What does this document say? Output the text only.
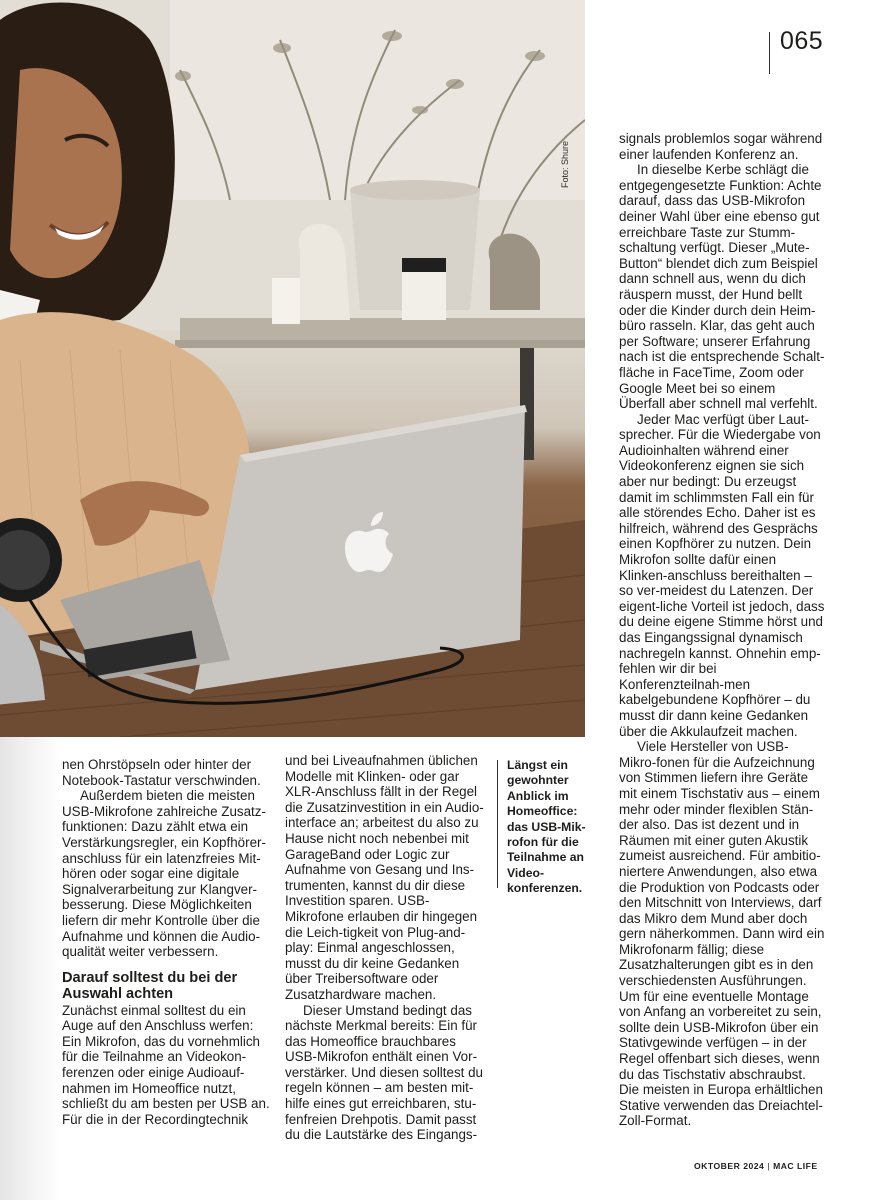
Foto: Shure
065

nen Ohrstöpseln oder hinter der Notebook-Tastatur verschwinden.

Außerdem bieten die meisten USB-Mikrofone zahlreiche Zusatz-funktionen: Dazu zählt etwa ein Verstärkungsregler, ein Kopfhörer-anschluss für ein latenzfreies Mit-hören oder sogar eine digitale Signalverarbeitung zur Klangver-besserung. Diese Möglichkeiten liefern dir mehr Kontrolle über die Aufnahme und können die Audio-qualität weiter verbessern.

Darauf solltest du bei der Auswahl achten

Zunächst einmal solltest du ein Auge auf den Anschluss werfen: Ein Mikrofon, das du vornehmlich für die Teilnahme an Videokon-ferenzen oder einige Audioauf-nahmen im Homeoffice nutzt, schließt du am besten per USB an. Für die in der Recordingtechnik

und bei Liveaufnahmen üblichen Modelle mit Klinken- oder gar XLR-Anschluss fällt in der Regel die Zusatzinvestition in ein Audio-interface an; arbeitest du also zu Hause nicht noch nebenbei mit GarageBand oder Logic zur Aufnahme von Gesang und Ins-trumenten, kannst du dir diese Investition sparen. USB-Mikrofone erlauben dir hingegen die Leich-tigkeit von Plug-and-play: Einmal angeschlossen, musst du dir keine Gedanken über Treibersoftware oder Zusatzhardware machen.

Dieser Umstand bedingt das nächste Merkmal bereits: Ein für das Homeoffice brauchbares USB-Mikrofon enthält einen Vor-verstärker. Und diesen solltest du regeln können – am besten mit-hilfe eines gut erreichbaren, stu-fenfreien Drehpotis. Damit passt du die Lautstärke des Eingangs-

Längst ein gewohnter Anblick im Homeoffice: das USB-Mik-rofon für die Teilnahme an Video-konferenzen.

signals problemlos sogar während einer laufenden Konferenz an.

In dieselbe Kerbe schlägt die entgegengesetzte Funktion: Achte darauf, dass das USB-Mikrofon deiner Wahl über eine ebenso gut erreichbare Taste zur Stumm-schaltung verfügt. Dieser „Mute-Button“ blendet dich zum Beispiel dann schnell aus, wenn du dich räuspern musst, der Hund bellt oder die Kinder durch dein Heim-büro rasseln. Klar, das geht auch per Software; unserer Erfahrung nach ist die entsprechende Schalt-fläche in FaceTime, Zoom oder Google Meet bei so einem Überfall aber schnell mal verfehlt.

Jeder Mac verfügt über Laut-sprecher. Für die Wiedergabe von Audioinhalten während einer Videokonferenz eignen sie sich aber nur bedingt: Du erzeugst damit im schlimmsten Fall ein für alle störendes Echo. Daher ist es hilfreich, während des Gesprächs einen Kopfhörer zu nutzen. Dein Mikrofon sollte dafür einen Klinken-anschluss bereithalten – so ver-meidest du Latenzen. Der eigent-liche Vorteil ist jedoch, dass du deine eigene Stimme hörst und das Eingangssignal dynamisch nachregeln kannst. Ohnehin emp-fehlen wir dir bei Konferenzteilnah-men kabelgebundene Kopfhörer – du musst dir dann keine Gedanken über die Akkulaufzeit machen.

Viele Hersteller von USB-Mikro-fonen für die Aufzeichnung von Stimmen liefern ihre Geräte mit einem Tischstativ aus – einem mehr oder minder flexiblen Stän-der also. Das ist dezent und in Räumen mit einer guten Akustik zumeist ausreichend. Für ambitio-niertere Anwendungen, also etwa die Produktion von Podcasts oder den Mitschnitt von Interviews, darf das Mikro dem Mund aber doch gern näherkommen. Dann wird ein Mikrofonarm fällig; diese Zusatzhalterungen gibt es in den verschiedensten Ausführungen. Um für eine eventuelle Montage von Anfang an vorbereitet zu sein, sollte dein USB-Mikrofon über ein Stativgewinde verfügen – in der Regel offenbart sich dieses, wenn du das Tischstativ abschraubst. Die meisten in Europa erhältlichen Stative verwenden das Dreiachtel-Zoll-Format.

OKTOBER 2024 | MAC LIFE
